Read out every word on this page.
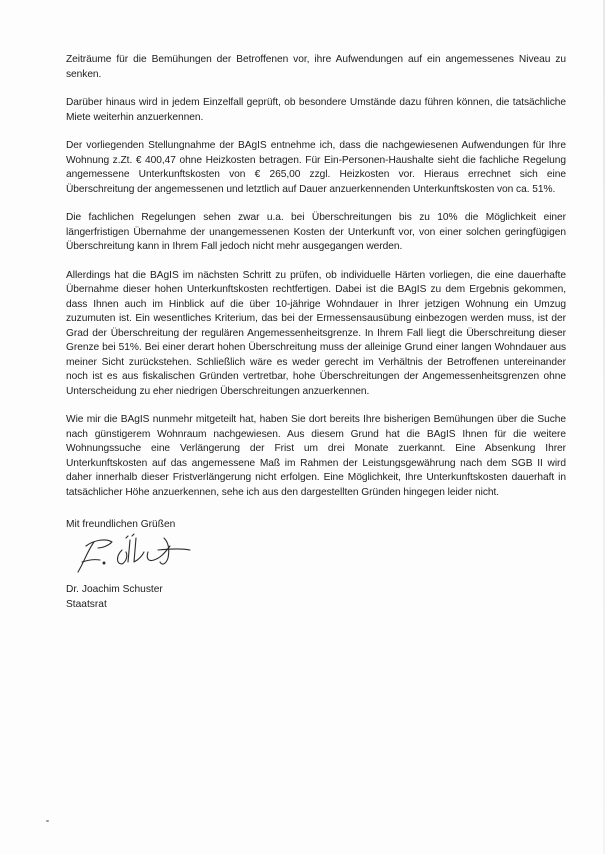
Zeiträume für die Bemühungen der Betroffenen vor, ihre Aufwendungen auf ein angemessenes Niveau zu senken.

Darüber hinaus wird in jedem Einzelfall geprüft, ob besondere Umstände dazu führen können, die tatsächliche Miete weiterhin anzuerkennen.

Der vorliegenden Stellungnahme der BAgIS entnehme ich, dass die nachgewiesenen Aufwendungen für Ihre Wohnung z.Zt. € 400,47 ohne Heizkosten betragen. Für Ein-Personen-Haushalte sieht die fachliche Regelung angemessene Unterkunftskosten von € 265,00 zzgl. Heizkosten vor. Hieraus errechnet sich eine Überschreitung der angemessenen und letztlich auf Dauer anzuerkennenden Unterkunftskosten von ca. 51%.

Die fachlichen Regelungen sehen zwar u.a. bei Überschreitungen bis zu 10% die Möglichkeit einer längerfristigen Übernahme der unangemessenen Kosten der Unterkunft vor, von einer solchen geringfügigen Überschreitung kann in Ihrem Fall jedoch nicht mehr ausgegangen werden.

Allerdings hat die BAgIS im nächsten Schritt zu prüfen, ob individuelle Härten vorliegen, die eine dauerhafte Übernahme dieser hohen Unterkunftskosten rechtfertigen. Dabei ist die BAgIS zu dem Ergebnis gekommen, dass Ihnen auch im Hinblick auf die über 10-jährige Wohndauer in Ihrer jetzigen Wohnung ein Umzug zuzumuten ist. Ein wesentliches Kriterium, das bei der Ermessensausübung einbezogen werden muss, ist der Grad der Überschreitung der regulären Angemessenheitsgrenze. In Ihrem Fall liegt die Überschreitung dieser Grenze bei 51%. Bei einer derart hohen Überschreitung muss der alleinige Grund einer langen Wohndauer aus meiner Sicht zurückstehen. Schließlich wäre es weder gerecht im Verhältnis der Betroffenen untereinander noch ist es aus fiskalischen Gründen vertretbar, hohe Überschreitungen der Angemessenheitsgrenzen ohne Unterscheidung zu eher niedrigen Überschreitungen anzuerkennen.

Wie mir die BAgIS nunmehr mitgeteilt hat, haben Sie dort bereits Ihre bisherigen Bemühungen über die Suche nach günstigerem Wohnraum nachgewiesen. Aus diesem Grund hat die BAgIS Ihnen für die weitere Wohnungssuche eine Verlängerung der Frist um drei Monate zuerkannt. Eine Absenkung Ihrer Unterkunftskosten auf das angemessene Maß im Rahmen der Leistungsgewährung nach dem SGB II wird daher innerhalb dieser Fristverlängerung nicht erfolgen. Eine Möglichkeit, Ihre Unterkunftskosten dauerhaft in tatsächlicher Höhe anzuerkennen, sehe ich aus den dargestellten Gründen hingegen leider nicht.

Mit freundlichen Grüßen
Dr. Joachim Schuster
Staatsrat
